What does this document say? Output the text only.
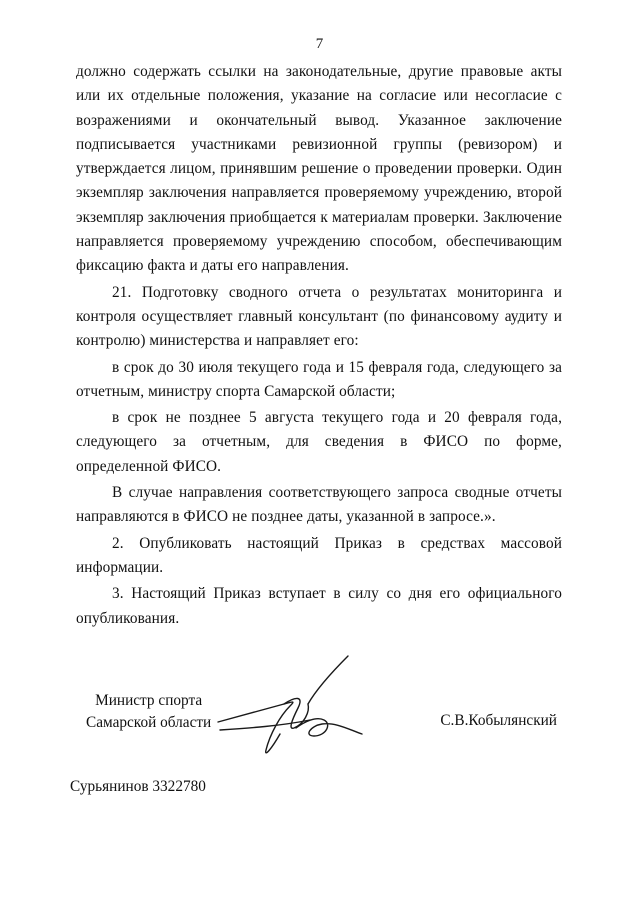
7

должно содержать ссылки на законодательные, другие правовые акты или их отдельные положения, указание на согласие или несогласие с возражениями и окончательный вывод. Указанное заключение подписывается участниками ревизионной группы (ревизором) и утверждается лицом, принявшим решение о проведении проверки. Один экземпляр заключения направляется проверяемому учреждению, второй экземпляр заключения приобщается к материалам проверки. Заключение направляется проверяемому учреждению способом, обеспечивающим фиксацию факта и даты его направления.

21. Подготовку сводного отчета о результатах мониторинга и контроля осуществляет главный консультант (по финансовому аудиту и контролю) министерства и направляет его:

в срок до 30 июля текущего года и 15 февраля года, следующего за отчетным, министру спорта Самарской области;

в срок не позднее 5 августа текущего года и 20 февраля года, следующего за отчетным, для сведения в ФИСО по форме, определенной ФИСО.

В случае направления соответствующего запроса сводные отчеты направляются в ФИСО не позднее даты, указанной в запросе.».

2. Опубликовать настоящий Приказ в средствах массовой информации.

3. Настоящий Приказ вступает в силу со дня его официального опубликования.

Министр спорта
Самарской области	С.В.Кобылянский
Сурьянинов 3322780
